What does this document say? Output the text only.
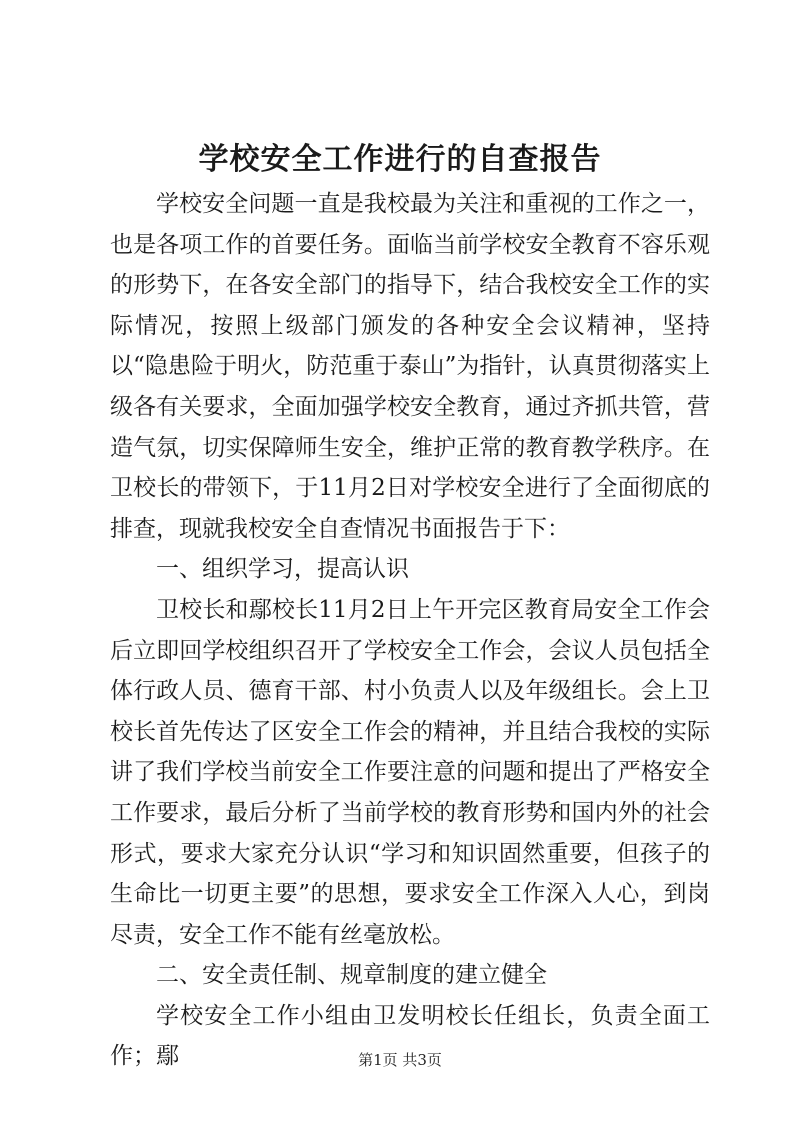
学校安全工作进行的自查报告

学校安全问题一直是我校最为关注和重视的工作之一，也是各项工作的首要任务。面临当前学校安全教育不容乐观的形势下，在各安全部门的指导下，结合我校安全工作的实际情况，按照上级部门颁发的各种安全会议精神，坚持以“隐患险于明火，防范重于泰山”为指针，认真贯彻落实上级各有关要求，全面加强学校安全教育，通过齐抓共管，营造气氛，切实保障师生安全，维护正常的教育教学秩序。在卫校长的带领下，于11月2日对学校安全进行了全面彻底的排查，现就我校安全自查情况书面报告于下：

一、组织学习，提高认识

卫校长和鄢校长11月2日上午开完区教育局安全工作会后立即回学校组织召开了学校安全工作会，会议人员包括全体行政人员、德育干部、村小负责人以及年级组长。会上卫校长首先传达了区安全工作会的精神，并且结合我校的实际讲了我们学校当前安全工作要注意的问题和提出了严格安全工作要求，最后分析了当前学校的教育形势和国内外的社会形式，要求大家充分认识“学习和知识固然重要，但孩子的生命比一切更主要”的思想，要求安全工作深入人心，到岗尽责，安全工作不能有丝毫放松。

二、安全责任制、规章制度的建立健全

学校安全工作小组由卫发明校长任组长，负责全面工作；鄢	第1页 共3页
